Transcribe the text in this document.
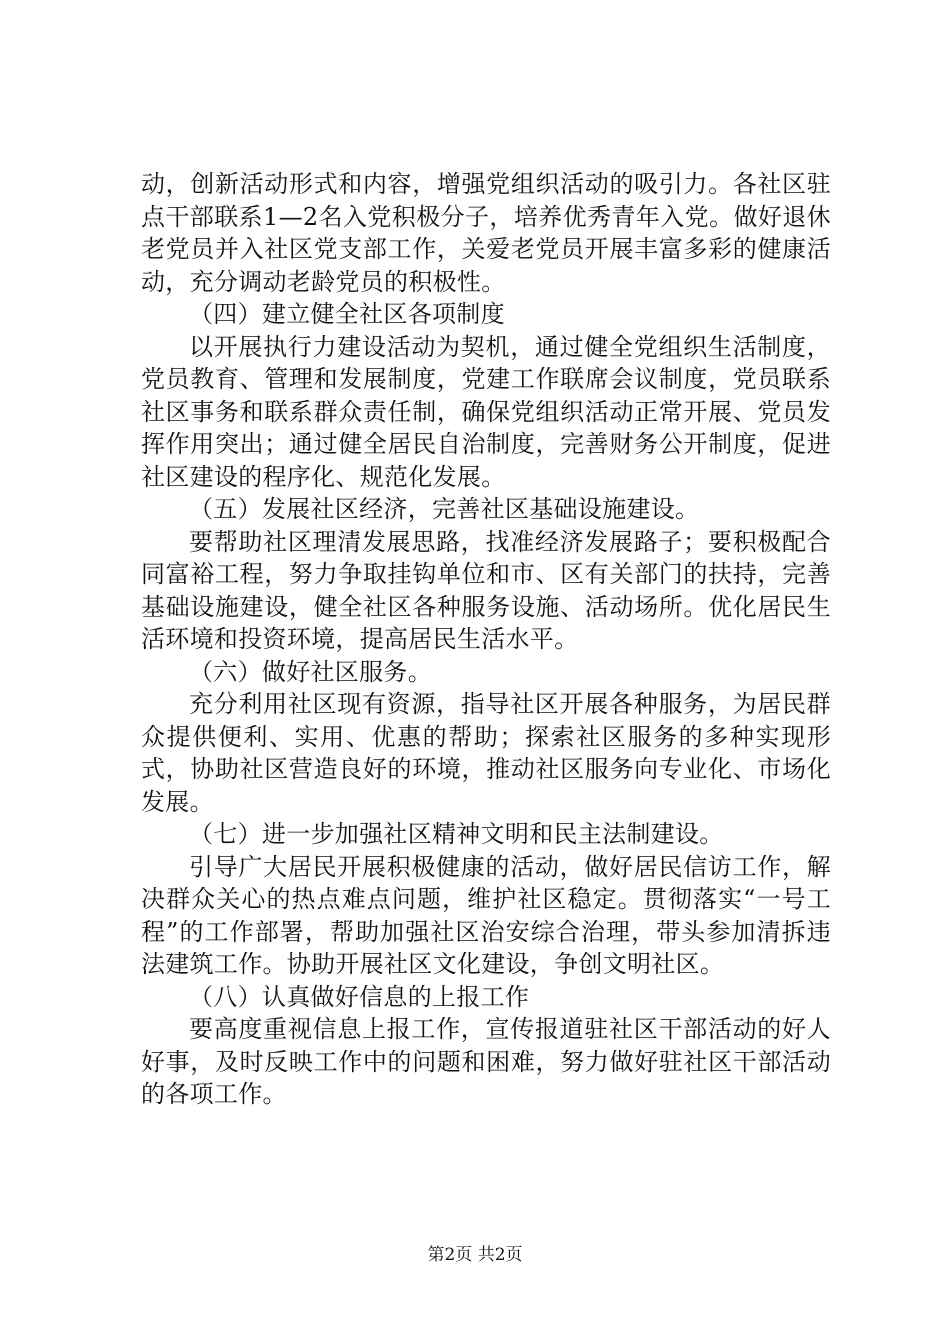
动，创新活动形式和内容，增强党组织活动的吸引力。各社区驻点干部联系1—2名入党积极分子，培养优秀青年入党。做好退休老党员并入社区党支部工作，关爱老党员开展丰富多彩的健康活动，充分调动老龄党员的积极性。

（四）建立健全社区各项制度

以开展执行力建设活动为契机，通过健全党组织生活制度，党员教育、管理和发展制度，党建工作联席会议制度，党员联系社区事务和联系群众责任制，确保党组织活动正常开展、党员发挥作用突出；通过健全居民自治制度，完善财务公开制度，促进社区建设的程序化、规范化发展。

（五）发展社区经济，完善社区基础设施建设。

要帮助社区理清发展思路，找准经济发展路子；要积极配合同富裕工程，努力争取挂钩单位和市、区有关部门的扶持，完善基础设施建设，健全社区各种服务设施、活动场所。优化居民生活环境和投资环境，提高居民生活水平。

（六）做好社区服务。

充分利用社区现有资源，指导社区开展各种服务，为居民群众提供便利、实用、优惠的帮助；探索社区服务的多种实现形式，协助社区营造良好的环境，推动社区服务向专业化、市场化发展。

（七）进一步加强社区精神文明和民主法制建设。

引导广大居民开展积极健康的活动，做好居民信访工作，解决群众关心的热点难点问题，维护社区稳定。贯彻落实“一号工程”的工作部署，帮助加强社区治安综合治理，带头参加清拆违法建筑工作。协助开展社区文化建设，争创文明社区。

（八）认真做好信息的上报工作

要高度重视信息上报工作，宣传报道驻社区干部活动的好人好事，及时反映工作中的问题和困难，努力做好驻社区干部活动的各项工作。

第2页 共2页
